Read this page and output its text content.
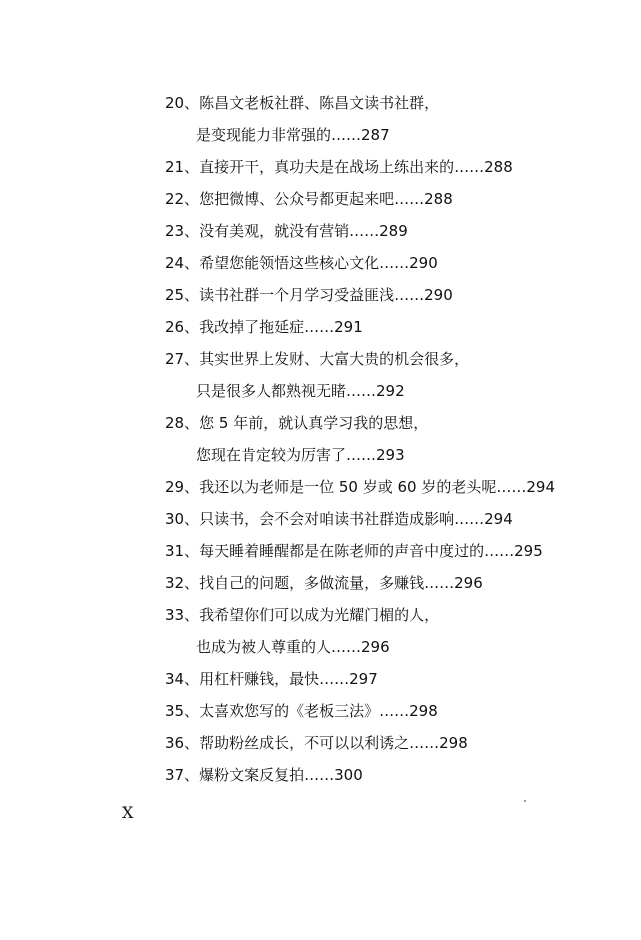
20、陈昌文老板社群、陈昌文读书社群，
是变现能力非常强的……287
21、直接开干，真功夫是在战场上练出来的……288
22、您把微博、公众号都更起来吧……288
23、没有美观，就没有营销……289
24、希望您能领悟这些核心文化……290
25、读书社群一个月学习受益匪浅……290
26、我改掉了拖延症……291
27、其实世界上发财、大富大贵的机会很多，
只是很多人都熟视无睹……292
28、您 5 年前，就认真学习我的思想，
您现在肯定较为厉害了……293
29、我还以为老师是一位 50 岁或 60 岁的老头呢……294
30、只读书，会不会对咱读书社群造成影响……294
31、每天睡着睡醒都是在陈老师的声音中度过的……295
32、找自己的问题，多做流量，多赚钱……296
33、我希望你们可以成为光耀门楣的人，
也成为被人尊重的人……296
34、用杠杆赚钱，最快……297
35、太喜欢您写的《老板三法》……298
36、帮助粉丝成长，不可以以利诱之……298
37、爆粉文案反复拍……300
X
